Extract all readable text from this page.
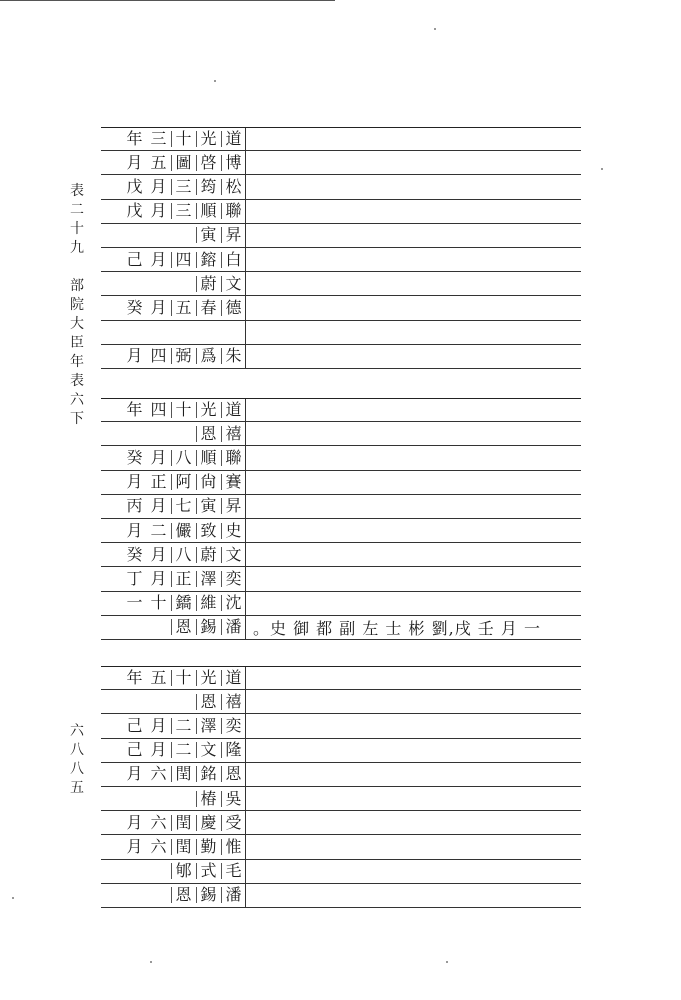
表
二
十
九
部
院
大
臣
年
表
六
下
六
八
八
五
道
光
十
三
年
博
啓
圖
五
月
松
筠
三
月
戊
聯
順
三
月
戊
昇
寅
白
鎔
四
月
己
文
蔚
德
春
五
月
癸
朱
爲
弼
四
月
道
光
十
四
年
禧
恩
聯
順
八
月
癸
賽
尙
阿
正
月
昇
寅
七
月
丙
史
致
儼
二
月
文
蔚
八
月
癸
奕
澤
正
月
丁
沈
維
鐈
十
一
潘
錫
恩	。史 御 都 副 左 士 彬 劉,戌 壬 月 一
道
光
十
五
年
禧
恩
奕
澤
二
月
己
隆
文
二
月
己
恩
銘
閏
六
月
吳
椿
受
慶
閏
六
月
惟
勤
閏
六
月
毛
式
郇
潘
錫
恩
